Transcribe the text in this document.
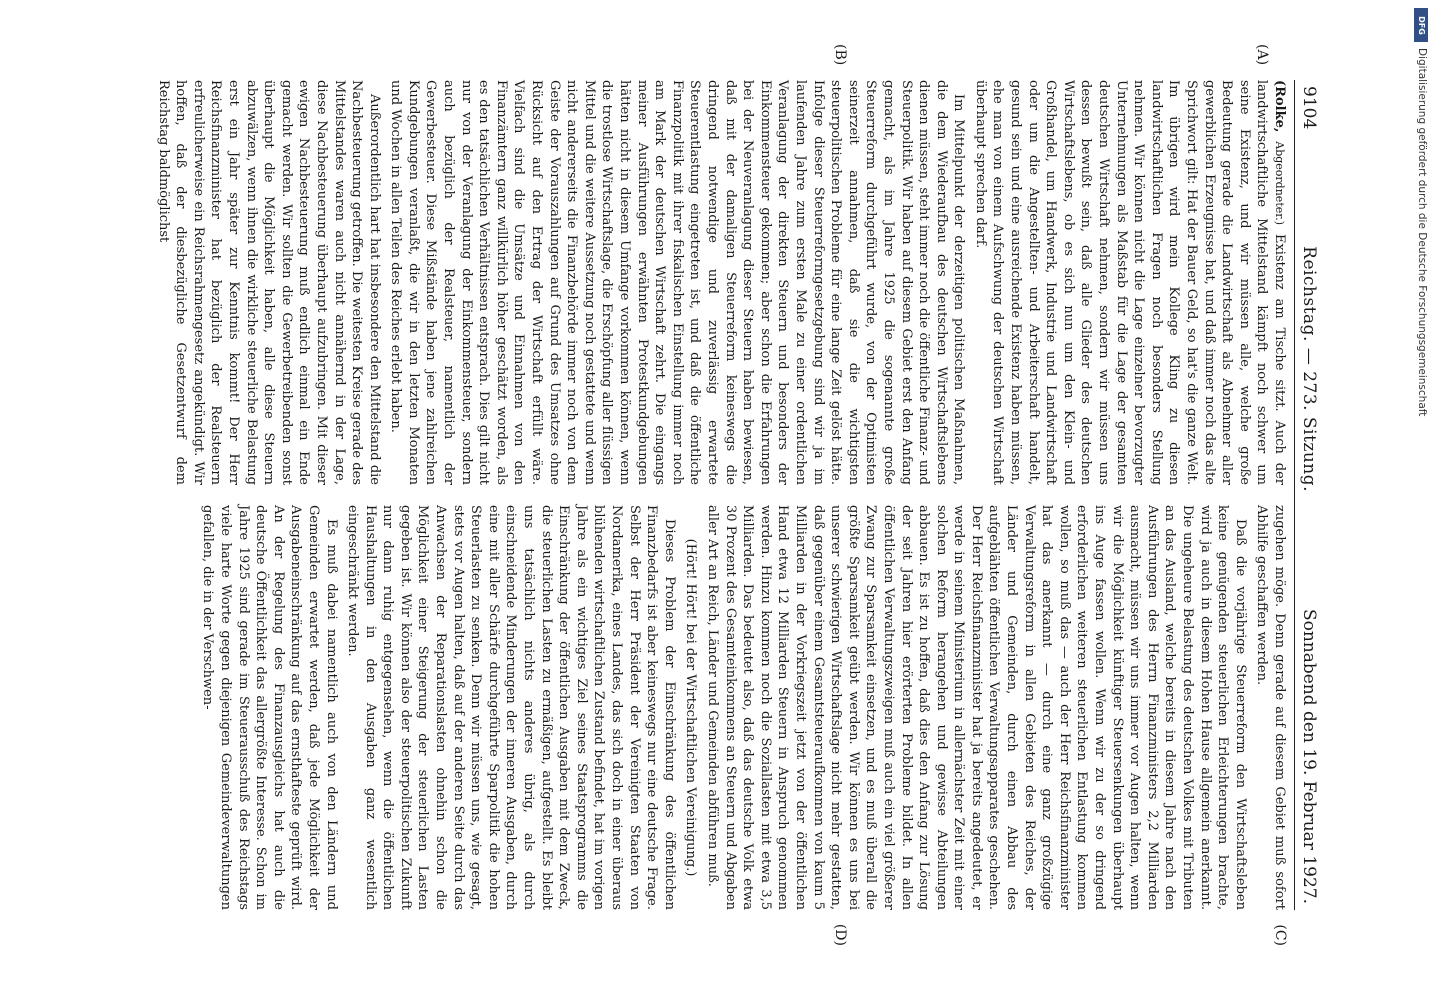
9104
Reichstag. — 273. Sitzung.
Sonnabend den 19. Februar 1927.
(A)
(B)

(Rolke, Abgeordneter.) Existenz am Tische sitzt. Auch der landwirtschaftliche Mittelstand kämpft noch schwer um seine Existenz, und wir müssen alle, welche große Bedeutung gerade die Landwirtschaft als Abnehmer aller gewerblichen Erzeugnisse hat, und daß immer noch das alte Sprichwort gilt: Hat der Bauer Geld, so hat's die ganze Welt. Im übrigen wird mein Kollege Kling zu diesen landwirtschaftlichen Fragen noch besonders Stellung nehmen. Wir können nicht die Lage einzelner bevorzugter Unternehmungen als Maßstab für die Lage der gesamten deutschen Wirtschaft nehmen, sondern wir müssen uns dessen bewußt sein, daß alle Glieder des deutschen Wirtschaftslebens, ob es sich nun um den Klein- und Großhandel, um Handwerk, Industrie und Landwirtschaft oder um die Angestellten- und Arbeiterschaft handelt, gesund sein und eine ausreichende Existenz haben müssen, ehe man von einem Aufschwung der deutschen Wirtschaft überhaupt sprechen darf.

Im Mittelpunkt der derzeitigen politischen Maßnahmen, die dem Wiederaufbau des deutschen Wirtschaftslebens dienen müssen, steht immer noch die öffentliche Finanz- und Steuerpolitik. Wir haben auf diesem Gebiet erst den Anfang gemacht, als im Jahre 1925 die sogenannte große Steuerreform durchgeführt wurde, von der Optimisten seinerzeit annahmen, daß sie die wichtigsten steuerpolitischen Probleme für eine lange Zeit gelöst hätte. Infolge dieser Steuerreformgesetzgebung sind wir ja im laufenden Jahre zum ersten Male zu einer ordentlichen Veranlagung der direkten Steuern und besonders der Einkommensteuer gekommen; aber schon die Erfahrungen bei der Neuveranlagung dieser Steuern haben bewiesen, daß mit der damaligen Steuerreform keineswegs die dringend notwendige und zuverlässig erwartete Steuerentlastung eingetreten ist, und daß die öffentliche Finanzpolitik mit ihrer fiskalischen Einstellung immer noch am Mark der deutschen Wirtschaft zehrt. Die eingangs meiner Ausführungen erwähnten Protestkundgebungen hätten nicht in diesem Umfange vorkommen können, wenn die trostlose Wirtschaftslage, die Erschöpfung aller flüssigen Mittel und die weitere Aussetzung noch gestattete und wenn nicht andererseits die Finanzbehörde immer noch von dem Geiste der Vorauszahlungen auf Grund des Umsatzes ohne Rücksicht auf den Ertrag der Wirtschaft erfüllt wäre. Vielfach sind die Umsätze und Einnahmen von den Finanzämtern ganz willkürlich höher geschätzt worden, als es den tatsächlichen Verhältnissen entsprach. Dies gilt nicht nur von der Veranlagung der Einkommensteuer, sondern auch bezüglich der Realsteuer, namentlich der Gewerbesteuer. Diese Mißstände haben jene zahlreichen Kundgebungen veranlaßt, die wir in den letzten Monaten und Wochen in allen Teilen des Reiches erlebt haben.

Außerordentlich hart hat insbesondere den Mittelstand die Nachbesteuerung getroffen. Die weitesten Kreise gerade des Mittelstandes waren auch nicht annähernd in der Lage, diese Nachbesteuerung überhaupt aufzubringen. Mit dieser ewigen Nachbesteuerung muß endlich einmal ein Ende gemacht werden. Wir sollten die Gewerbetreibenden sonst überhaupt die Möglichkeit haben, alle diese Steuern abzuwälzen, wenn ihnen die wirkliche steuerliche Belastung erst ein Jahr später zur Kenntnis kommt! Der Herr Reichsfinanzminister hat bezüglich der Realsteuern erfreulicherweise ein Reichsrahmengesetz angekündigt. Wir hoffen, daß der diesbezügliche Gesetzentwurf dem Reichstag baldmöglichst

(C)
(D)

zugehen möge. Denn gerade auf diesem Gebiet muß sofort Abhilfe geschaffen werden.

Daß die vorjährige Steuerreform den Wirtschaftsleben keine genügenden steuerlichen Erleichterungen brachte, wird ja auch in diesem Hohen Hause allgemein anerkannt. Die ungeheure Belastung des deutschen Volkes mit Tributen an das Ausland, welche bereits in diesem Jahre nach den Ausführungen des Herrn Finanzministers 2,2 Milliarden ausmacht, müssen wir uns immer vor Augen halten, wenn wir die Möglichkeit künftiger Steuersenkungen überhaupt ins Auge fassen wollen. Wenn wir zu der so dringend erforderlichen weiteren steuerlichen Entlastung kommen wollen, so muß das — auch der Herr Reichsfinanzminister hat das anerkannt — durch eine ganz großzügige Verwaltungsreform in allen Gebieten des Reiches, der Länder und Gemeinden, durch einen Abbau des aufgeblähten öffentlichen Verwaltungsapparates geschehen. Der Herr Reichsfinanzminister hat ja bereits angedeutet, er werde in seinem Ministerium in allernächster Zeit mit einer solchen Reform herangehen und gewisse Abteilungen abbauen. Es ist zu hoffen, daß dies den Anfang zur Lösung der seit Jahren hier erörterten Probleme bildet. In allen öffentlichen Verwaltungszweigen muß auch ein viel größerer Zwang zur Sparsamkeit einsetzen, und es muß überall die größte Sparsamkeit geübt werden. Wir können es uns bei unserer schwierigen Wirtschaftslage nicht mehr gestatten, daß gegenüber einem Gesamtsteueraufkommen von kaum 5 Milliarden in der Vorkriegszeit jetzt von der öffentlichen Hand etwa 12 Milliarden Steuern in Anspruch genommen werden. Hinzu kommen noch die Soziallasten mit etwa 3,5 Milliarden. Das bedeutet also, daß das deutsche Volk etwa 30 Prozent des Gesamteinkommens an Steuern und Abgaben aller Art an Reich, Länder und Gemeinden abführen muß.

(Hört! Hört! bei der Wirtschaftlichen Vereinigung.)

Dieses Problem der Einschränkung des öffentlichen Finanzbedarfs ist aber keineswegs nur eine deutsche Frage. Selbst der Herr Präsident der Vereinigten Staaten von Nordamerika, eines Landes, das sich doch in einer überaus blühenden wirtschaftlichen Zustand befindet, hat im vorigen Jahre als ein wichtiges Ziel seines Staatsprogramms die Einschränkung der öffentlichen Ausgaben mit dem Zweck, die steuerlichen Lasten zu ermäßigen, aufgestellt. Es bleibt uns tatsächlich nichts anderes übrig, als durch einschneidende Minderungen der inneren Ausgaben, durch eine mit aller Schärfe durchgeführte Sparpolitik die hohen Steuerlasten zu senken. Denn wir müssen uns, wie gesagt, stets vor Augen halten, daß auf der anderen Seite durch das Anwachsen der Reparationslasten ohnehin schon die Möglichkeit einer Steigerung der steuerlichen Lasten gegeben ist. Wir können also der steuerpolitischen Zukunft nur dann ruhig entgegensehen, wenn die öffentlichen Haushaltungen in den Ausgaben ganz wesentlich eingeschränkt werden.

Es muß dabei namentlich auch von den Ländern und Gemeinden erwartet werden, daß jede Möglichkeit der Ausgabeneinschränkung auf das ernsthafteste geprüft wird. An der Regelung des Finanzausgleichs hat auch die deutsche Öffentlichkeit das allergrößte Interesse. Schon im Jahre 1925 sind gerade im Steuerausschuß des Reichstags viele harte Worte gegen diejenigen Gemeindeverwaltungen gefallen, die in der Verschwen-

DFG
Digitalisierung gefördert durch die Deutsche Forschungsgemeinschaft
